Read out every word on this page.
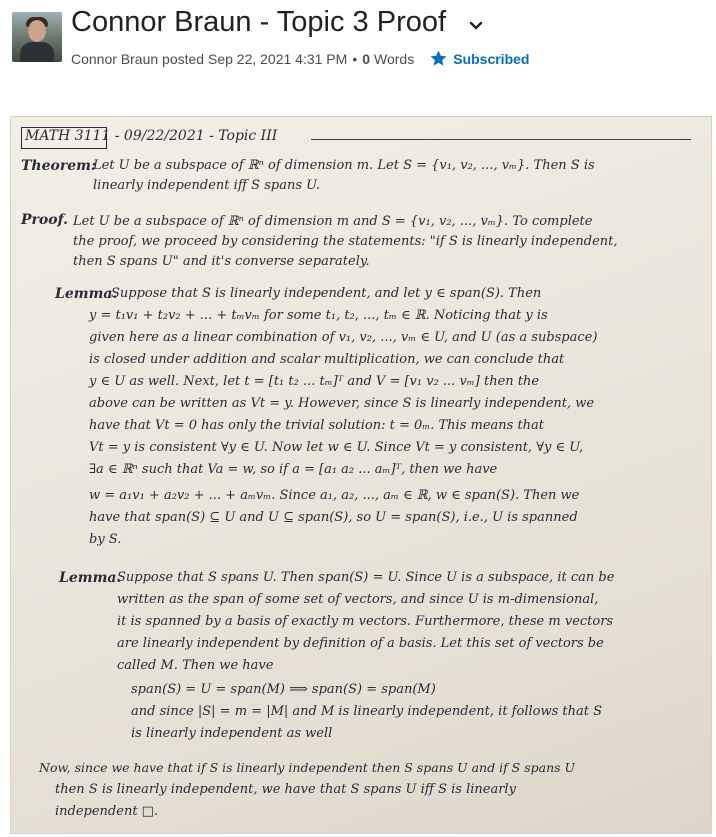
Connor Braun - Topic 3 Proof
Connor Braun posted Sep 22, 2021 4:31 PM • 0 Words	Subscribed
MATH 3111 - 09/22/2021 - Topic III
Theorem:
Let U be a subspace of ℝⁿ of dimension m. Let S = {v₁, v₂, ..., vₘ}. Then S is
linearly independent iff S spans U.
Proof. Let U be a subspace of ℝⁿ of dimension m and S = {v₁, v₂, ..., vₘ}. To complete
the proof, we proceed by considering the statements: "if S is linearly independent,
then S spans U" and it's converse separately.
Lemma.
Suppose that S is linearly independent, and let y ∈ span(S). Then
y = t₁v₁ + t₂v₂ + ... + tₘvₘ for some t₁, t₂, ..., tₘ ∈ ℝ. Noticing that y is
given here as a linear combination of v₁, v₂, ..., vₘ ∈ U, and U (as a subspace)
is closed under addition and scalar multiplication, we can conclude that
y ∈ U as well. Next, let t = [t₁ t₂ ... tₘ]ᵀ and V = [v₁ v₂ ... vₘ] then the
above can be written as Vt = y. However, since S is linearly independent, we
have that Vt = 0 has only the trivial solution: t = 0ₘ. This means that
Vt = y is consistent ∀y ∈ U. Now let w ∈ U. Since Vt = y consistent, ∀y ∈ U,
∃a ∈ ℝⁿ such that Va = w, so if a = [a₁ a₂ ... aₘ]ᵀ, then we have
w = a₁v₁ + a₂v₂ + ... + aₘvₘ. Since a₁, a₂, ..., aₘ ∈ ℝ, w ∈ span(S). Then we
have that span(S) ⊆ U and U ⊆ span(S), so U = span(S), i.e., U is spanned
by S.
Lemma.
Suppose that S spans U. Then span(S) = U. Since U is a subspace, it can be
written as the span of some set of vectors, and since U is m-dimensional,
it is spanned by a basis of exactly m vectors. Furthermore, these m vectors
are linearly independent by definition of a basis. Let this set of vectors be
called M. Then we have
span(S) = U = span(M) ⟹ span(S) = span(M)
and since |S| = m = |M| and M is linearly independent, it follows that S
is linearly independent as well
Now, since we have that if S is linearly independent then S spans U and if S spans U
then S is linearly independent, we have that S spans U iff S is linearly
independent □.
